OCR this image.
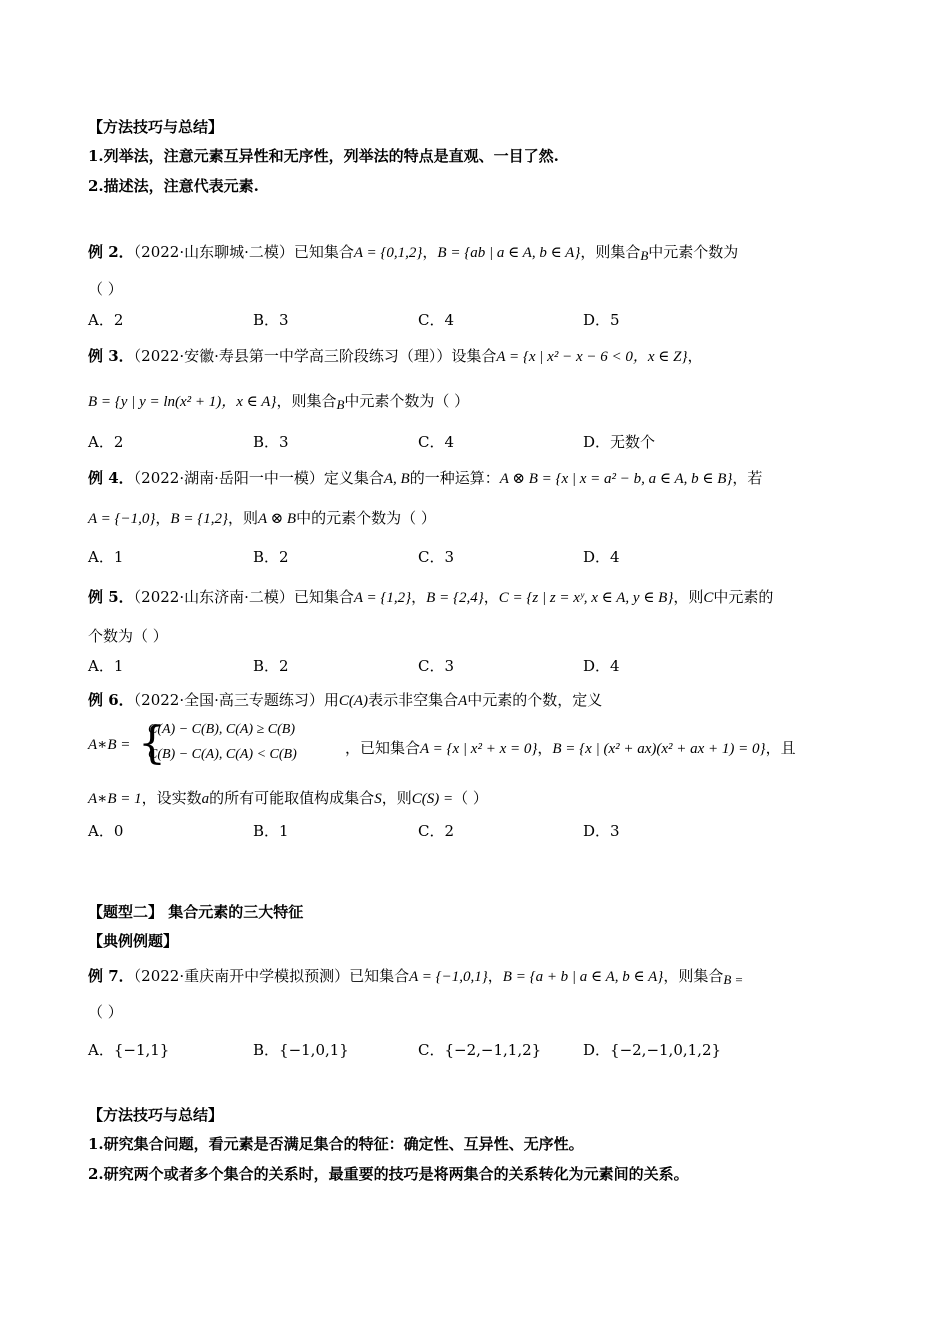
【方法技巧与总结】
1.列举法，注意元素互异性和无序性，列举法的特点是直观、一目了然.
2.描述法，注意代表元素.
例 2．（2022·山东聊城·二模）已知集合A = {0,1,2}，B = {ab | a ∈ A, b ∈ A}，则集合B中元素个数为
（ ）
A．2	B．3	C．4	D．5
例 3．（2022·安徽·寿县第一中学高三阶段练习（理））设集合A = {x | x² − x − 6 < 0，x ∈ Z}，
B = {y | y = ln(x² + 1)，x ∈ A}，则集合B中元素个数为（ ）
A．2	B．3	C．4	D．无数个
例 4．（2022·湖南·岳阳一中一模）定义集合A, B的一种运算：A ⊗ B = {x | x = a² − b, a ∈ A, b ∈ B}，若
A = {−1,0}，B = {1,2}，则A ⊗ B中的元素个数为（ ）
A．1	B．2	C．3	D．4
例 5．（2022·山东济南·二模）已知集合A = {1,2}，B = {2,4}，C = {z | z = xʸ, x ∈ A, y ∈ B}，则C中元素的
个数为（ ）
A．1	B．2	C．3	D．4
例 6．（2022·全国·高三专题练习）用C(A)表示非空集合A中元素的个数，定义
A∗B = {
C(A) − C(B), C(A) ≥ C(B)
C(B) − C(A), C(A) < C(B)	，已知集合A = {x | x² + x = 0}，B = {x | (x² + ax)(x² + ax + 1) = 0}，且
A∗B = 1，设实数a的所有可能取值构成集合S，则C(S) =（ ）
A．0	B．1	C．2	D．3
【题型二】 集合元素的三大特征
【典例例题】
例 7．（2022·重庆南开中学模拟预测）已知集合A = {−1,0,1}，B = {a + b | a ∈ A, b ∈ A}，则集合B =
（ ）
A．{−1,1}	B．{−1,0,1}	C．{−2,−1,1,2}	D．{−2,−1,0,1,2}
【方法技巧与总结】
1.研究集合问题，看元素是否满足集合的特征：确定性、互异性、无序性。
2.研究两个或者多个集合的关系时，最重要的技巧是将两集合的关系转化为元素间的关系。
